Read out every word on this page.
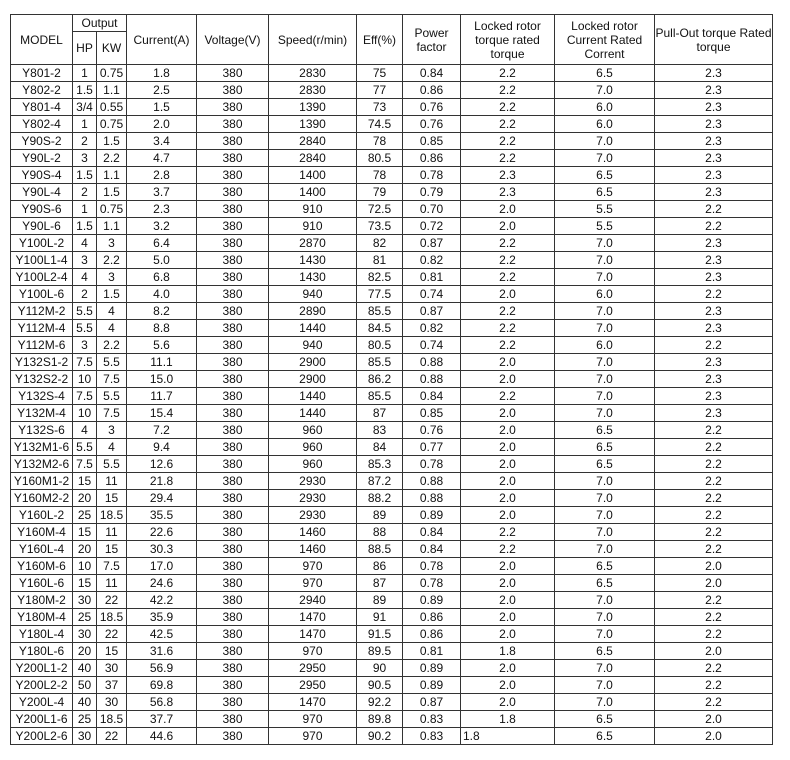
MODEL	Output		Current(A)	Voltage(V)	Speed(r/min)	Eff(%)	Power factor	Locked rotor torque rated torque	Locked rotor Current Rated Corrent	Pull-Out torque Rated torque
	HP	KW								
Y801-2	1	0.75	1.8	380	2830	75	0.84	2.2	6.5	2.3
Y802-2	1.5	1.1	2.5	380	2830	77	0.86	2.2	7.0	2.3
Y801-4	3/4	0.55	1.5	380	1390	73	0.76	2.2	6.0	2.3
Y802-4	1	0.75	2.0	380	1390	74.5	0.76	2.2	6.0	2.3
Y90S-2	2	1.5	3.4	380	2840	78	0.85	2.2	7.0	2.3
Y90L-2	3	2.2	4.7	380	2840	80.5	0.86	2.2	7.0	2.3
Y90S-4	1.5	1.1	2.8	380	1400	78	0.78	2.3	6.5	2.3
Y90L-4	2	1.5	3.7	380	1400	79	0.79	2.3	6.5	2.3
Y90S-6	1	0.75	2.3	380	910	72.5	0.70	2.0	5.5	2.2
Y90L-6	1.5	1.1	3.2	380	910	73.5	0.72	2.0	5.5	2.2
Y100L-2	4	3	6.4	380	2870	82	0.87	2.2	7.0	2.3
Y100L1-4	3	2.2	5.0	380	1430	81	0.82	2.2	7.0	2.3
Y100L2-4	4	3	6.8	380	1430	82.5	0.81	2.2	7.0	2.3
Y100L-6	2	1.5	4.0	380	940	77.5	0.74	2.0	6.0	2.2
Y112M-2	5.5	4	8.2	380	2890	85.5	0.87	2.2	7.0	2.3
Y112M-4	5.5	4	8.8	380	1440	84.5	0.82	2.2	7.0	2.3
Y112M-6	3	2.2	5.6	380	940	80.5	0.74	2.2	6.0	2.2
Y132S1-2	7.5	5.5	11.1	380	2900	85.5	0.88	2.0	7.0	2.3
Y132S2-2	10	7.5	15.0	380	2900	86.2	0.88	2.0	7.0	2.3
Y132S-4	7.5	5.5	11.7	380	1440	85.5	0.84	2.2	7.0	2.3
Y132M-4	10	7.5	15.4	380	1440	87	0.85	2.0	7.0	2.3
Y132S-6	4	3	7.2	380	960	83	0.76	2.0	6.5	2.2
Y132M1-6	5.5	4	9.4	380	960	84	0.77	2.0	6.5	2.2
Y132M2-6	7.5	5.5	12.6	380	960	85.3	0.78	2.0	6.5	2.2
Y160M1-2	15	11	21.8	380	2930	87.2	0.88	2.0	7.0	2.2
Y160M2-2	20	15	29.4	380	2930	88.2	0.88	2.0	7.0	2.2
Y160L-2	25	18.5	35.5	380	2930	89	0.89	2.0	7.0	2.2
Y160M-4	15	11	22.6	380	1460	88	0.84	2.2	7.0	2.2
Y160L-4	20	15	30.3	380	1460	88.5	0.84	2.2	7.0	2.2
Y160M-6	10	7.5	17.0	380	970	86	0.78	2.0	6.5	2.0
Y160L-6	15	11	24.6	380	970	87	0.78	2.0	6.5	2.0
Y180M-2	30	22	42.2	380	2940	89	0.89	2.0	7.0	2.2
Y180M-4	25	18.5	35.9	380	1470	91	0.86	2.0	7.0	2.2
Y180L-4	30	22	42.5	380	1470	91.5	0.86	2.0	7.0	2.2
Y180L-6	20	15	31.6	380	970	89.5	0.81	1.8	6.5	2.0
Y200L1-2	40	30	56.9	380	2950	90	0.89	2.0	7.0	2.2
Y200L2-2	50	37	69.8	380	2950	90.5	0.89	2.0	7.0	2.2
Y200L-4	40	30	56.8	380	1470	92.2	0.87	2.0	7.0	2.2
Y200L1-6	25	18.5	37.7	380	970	89.8	0.83	1.8	6.5	2.0
Y200L2-6	30	22	44.6	380	970	90.2	0.83	1.8	6.5	2.0
